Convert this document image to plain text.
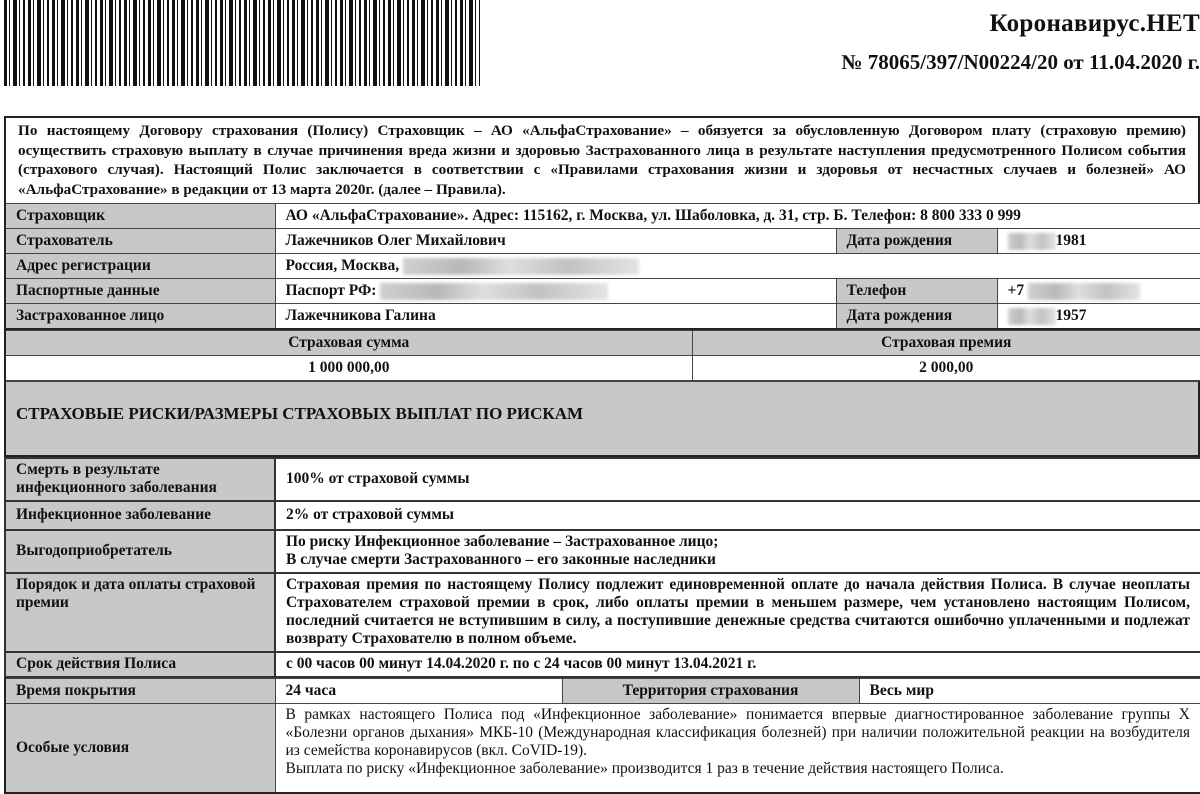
Коронавирус.НЕТ
№ 78065/397/N00224/20 от 11.04.2020 г.
По настоящему Договору страхования (Полису) Страховщик – АО «АльфаСтрахование» – обязуется за обусловленную Договором плату (страховую премию) осуществить страховую выплату в случае причинения вреда жизни и здоровью Застрахованного лица в результате наступления предусмотренного Полисом события (страхового случая). Настоящий Полис заключается в соответствии с «Правилами страхования жизни и здоровья от несчастных случаев и болезней» АО «АльфаСтрахование» в редакции от 13 марта 2020г. (далее – Правила).
Страховщик	АО «АльфаСтрахование». Адрес: 115162, г. Москва, ул. Шаболовка, д. 31, стр. Б. Телефон: 8 800 333 0 999		
Страхователь	Лажечников Олег Михайлович	Дата рождения	1981
Адрес регистрации	Россия, Москва,		
Паспортные данные	Паспорт РФ:	Телефон	+7
Застрахованное лицо	Лажечникова Галина	Дата рождения	1957
Страховая сумма	Страховая премия
1 000 000,00	2 000,00
СТРАХОВЫЕ РИСКИ/РАЗМЕРЫ СТРАХОВЫХ ВЫПЛАТ ПО РИСКАМ
Смерть в результате инфекционного заболевания	100% от страховой суммы
Инфекционное заболевание	2% от страховой суммы
Выгодоприобретатель	По риску Инфекционное заболевание – Застрахованное лицо;
В случае смерти Застрахованного – его законные наследники

Порядок и дата оплаты страховой премии	Страховая премия по настоящему Полису подлежит единовременной оплате до начала действия Полиса. В случае неоплаты Страхователем страховой премии в срок, либо оплаты премии в меньшем размере, чем установлено настоящим Полисом, последний считается не вступившим в силу, а поступившие денежные средства считаются ошибочно уплаченными и подлежат возврату Страхователю в полном объеме.
Срок действия Полиса	с 00 часов 00 минут 14.04.2020 г. по с 24 часов 00 минут 13.04.2021 г.
Время покрытия	24 часа	Территория страхования	Весь мир
Особые условия	В рамках настоящего Полиса под «Инфекционное заболевание» понимается впервые диагностированное заболевание группы X «Болезни органов дыхания» МКБ-10 (Международная классификация болезней) при наличии положительной реакции на возбудителя из семейства коронавирусов (вкл. CoVID-19).
Выплата по риску «Инфекционное заболевание» производится 1 раз в течение действия настоящего Полиса.		
